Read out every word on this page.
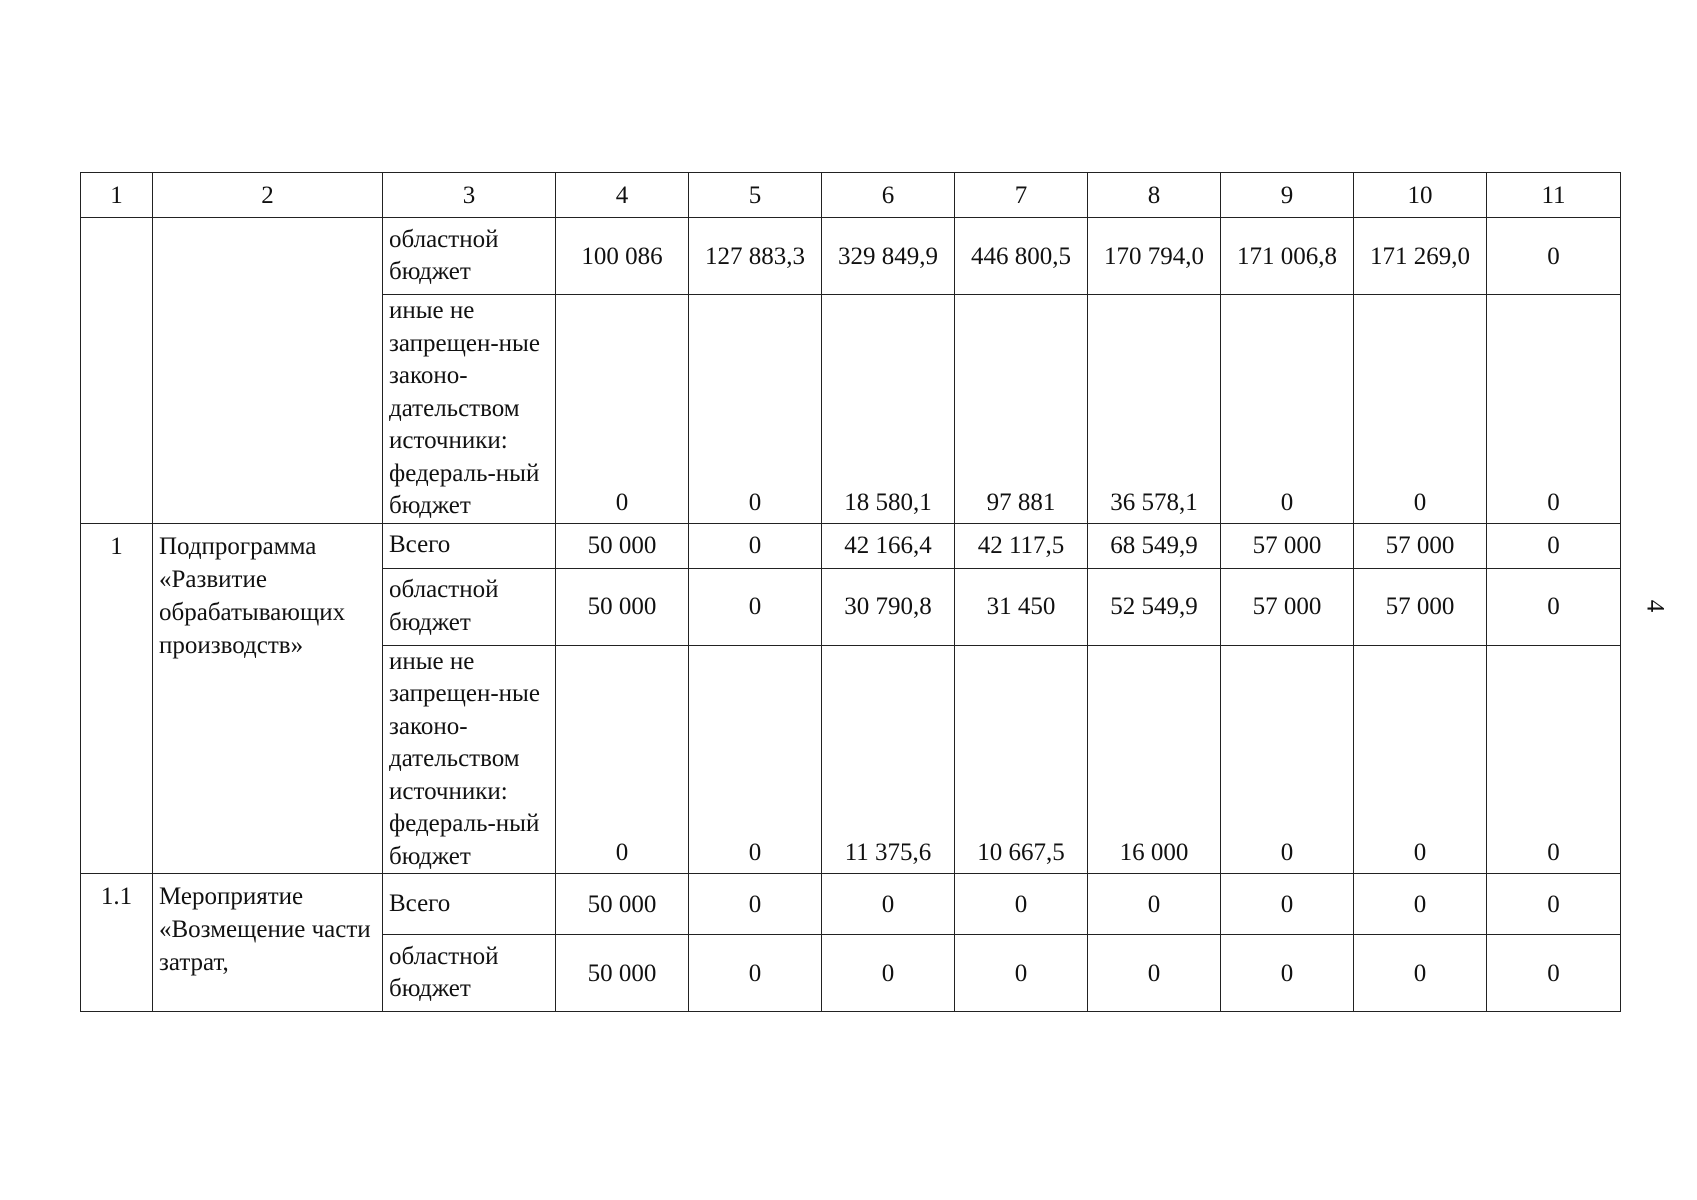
1	2	3	4	5	6	7	8	9	10	11
		областной бюджет	100 086	127 883,3	329 849,9	446 800,5	170 794,0	171 006,8	171 269,0	0
		иные не запрещен-ные законо-дательством источники: федераль-ный бюджет	0	0	18 580,1	97 881	36 578,1	0	0	0
1	Подпрограмма «Развитие обрабатывающих производств»	Всего	50 000	0	42 166,4	42 117,5	68 549,9	57 000	57 000	0
		областной бюджет	50 000	0	30 790,8	31 450	52 549,9	57 000	57 000	0
		иные не запрещен-ные законо-дательством источники: федераль-ный бюджет	0	0	11 375,6	10 667,5	16 000	0	0	0
1.1	Мероприятие «Возмещение части затрат,	Всего	50 000	0	0	0	0	0	0	0
		областной бюджет	50 000	0	0	0	0	0	0	0
4
